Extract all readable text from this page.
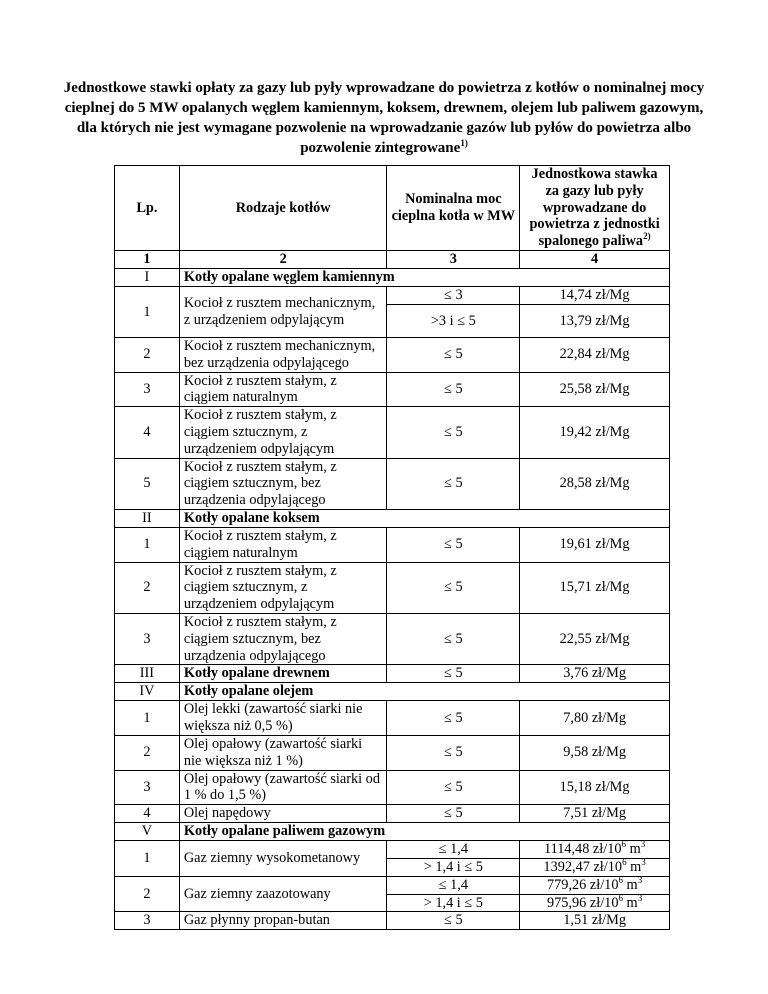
Jednostkowe stawki opłaty za gazy lub pyły wprowadzane do powietrza z kotłów o nominalnej mocy cieplnej do 5 MW opalanych węglem kamiennym, koksem, drewnem, olejem lub paliwem gazowym, dla których nie jest wymagane pozwolenie na wprowadzanie gazów lub pyłów do powietrza albo pozwolenie zintegrowane$^{1)}$
Lp.	Rodzaje kotłów	Nominalna moc cieplna kotła w MW	Jednostkowa stawka za gazy lub pyły wprowadzane do powietrza z jednostki spalonego paliwa$^{2)}$
1	2	3	4
I	Kotły opalane węglem kamiennym		
1	Kocioł z rusztem mechanicznym, z urządzeniem odpylającym	≤ 3	14,74 zł/Mg
		>3 i ≤ 5	13,79 zł/Mg
2	Kocioł z rusztem mechanicznym, bez urządzenia odpylającego	≤ 5	22,84 zł/Mg
3	Kocioł z rusztem stałym, z ciągiem naturalnym	≤ 5	25,58 zł/Mg
4	Kocioł z rusztem stałym, z ciągiem sztucznym, z urządzeniem odpylającym	≤ 5	19,42 zł/Mg
5	Kocioł z rusztem stałym, z ciągiem sztucznym, bez urządzenia odpylającego	≤ 5	28,58 zł/Mg
II	Kotły opalane koksem		
1	Kocioł z rusztem stałym, z ciągiem naturalnym	≤ 5	19,61 zł/Mg
2	Kocioł z rusztem stałym, z ciągiem sztucznym, z urządzeniem odpylającym	≤ 5	15,71 zł/Mg
3	Kocioł z rusztem stałym, z ciągiem sztucznym, bez urządzenia odpylającego	≤ 5	22,55 zł/Mg
III	Kotły opalane drewnem	≤ 5	3,76 zł/Mg
IV	Kotły opalane olejem		
1	Olej lekki (zawartość siarki nie większa niż 0,5 %)	≤ 5	7,80 zł/Mg
2	Olej opałowy (zawartość siarki nie większa niż 1 %)	≤ 5	9,58 zł/Mg
3	Olej opałowy (zawartość siarki od 1 % do 1,5 %)	≤ 5	15,18 zł/Mg
4	Olej napędowy	≤ 5	7,51 zł/Mg
V	Kotły opalane paliwem gazowym		
1	Gaz ziemny wysokometanowy	≤ 1,4	1114,48 $zł/10^6$ $m^3$
		> 1,4 i ≤ 5	1392,47 $zł/10^6$ $m^3$
2	Gaz ziemny zaazotowany	≤ 1,4	779,26 $zł/10^6$ $m^3$
		> 1,4 i ≤ 5	975,96 $zł/10^6$ $m^3$
3	Gaz płynny propan-butan	≤ 5	1,51 zł/Mg
